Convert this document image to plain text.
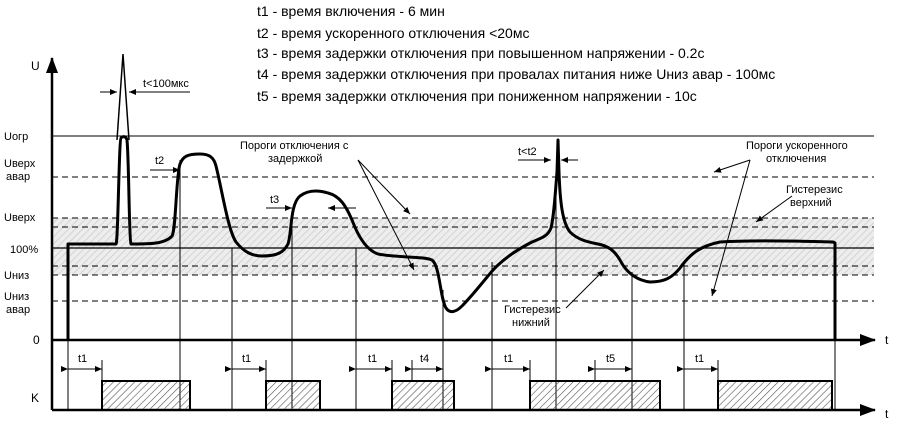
t1 - время включения - 6 мин
t2 - время ускоренного отключения <20мс
t3 - время задержки отключения при повышенном напряжении - 0.2с
t4 - время задержки отключения при провалах питания ниже Uниз авар - 100мс
t5 - время задержки отключения при пониженном напряжении - 10с
U
0
K
t
t
Uогр
Uверх
авар
Uверх
100%
Uниз
Uниз
авар
t<100мкс
t2
t3
t<t2
t1	t1	t1	t4	t1	t5	t1
Пороги отключения с
задержкой
Пороги ускоренного
отключения
Гистерезис
верхний
Гистерезис
нижний
